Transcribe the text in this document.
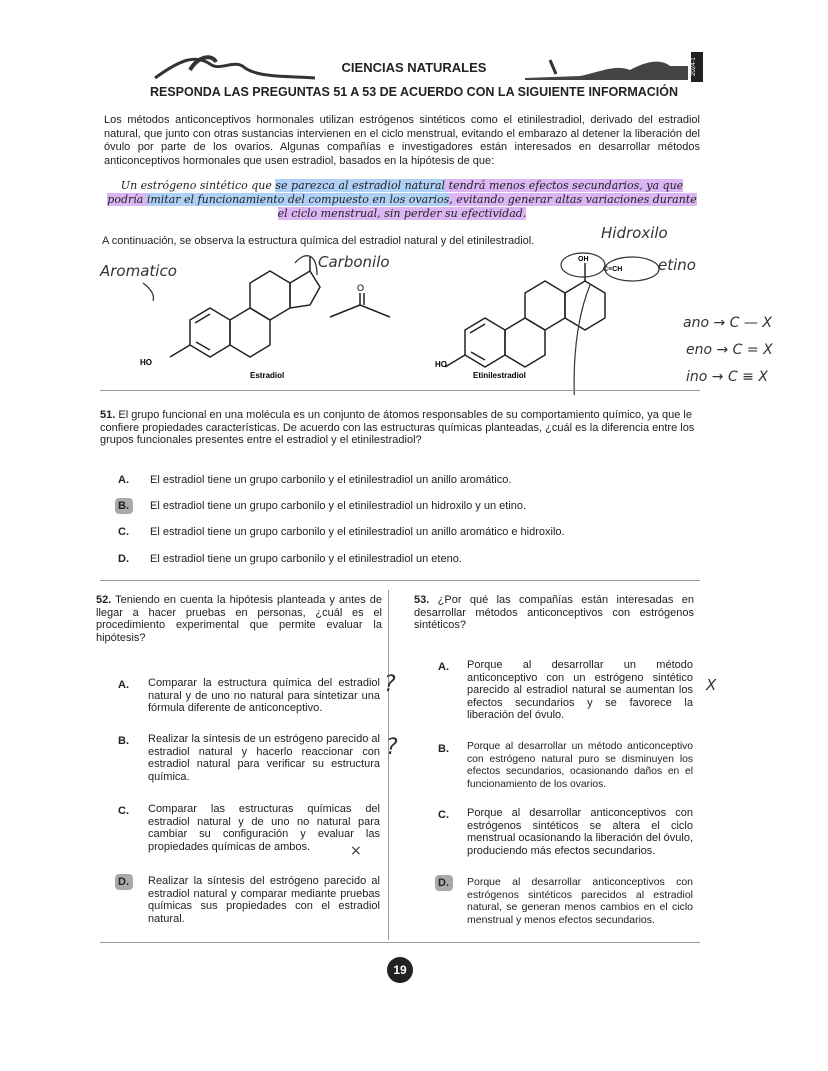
CIENCIAS NATURALES	2024-1
RESPONDA LAS PREGUNTAS 51 A 53 DE ACUERDO CON LA SIGUIENTE INFORMACIÓN
Los métodos anticonceptivos hormonales utilizan estrógenos sintéticos como el etinilestradiol, derivado del estradiol natural, que junto con otras sustancias intervienen en el ciclo menstrual, evitando el embarazo al detener la liberación del óvulo por parte de los ovarios. Algunas compañías e investigadores están interesados en desarrollar métodos anticonceptivos hormonales que usen estradiol, basados en la hipótesis de que:
Un estrógeno sintético que se parezca al estradiol natural tendrá menos efectos secundarios, ya que podría imitar el funcionamiento del compuesto en los ovarios, evitando generar altas variaciones durante el ciclo menstrual, sin perder su efectividad.
A continuación, se observa la estructura química del estradiol natural y del etinilestradiol.
O
HO
Estradiol
OH
C≡CH
HO
Etinilestradiol
Aromatico	Carbonilo
Hidroxilo
etino
ano → C — X
eno → C = X
ino → C ≡ X
51. El grupo funcional en una molécula es un conjunto de átomos responsables de su comportamiento químico, ya que le confiere propiedades características. De acuerdo con las estructuras químicas planteadas, ¿cuál es la diferencia entre los grupos funcionales presentes entre el estradiol y el etinilestradiol?
A. El estradiol tiene un grupo carbonilo y el etinilestradiol un anillo aromático.
B. El estradiol tiene un grupo carbonilo y el etinilestradiol un hidroxilo y un etino.
C. El estradiol tiene un grupo carbonilo y el etinilestradiol un anillo aromático e hidroxilo.
D. El estradiol tiene un grupo carbonilo y el etinilestradiol un eteno.
52. Teniendo en cuenta la hipótesis planteada y antes de llegar a hacer pruebas en personas, ¿cuál es el procedimiento experimental que permite evaluar la hipótesis?
A. Comparar la estructura química del estradiol natural y de uno no natural para sintetizar una fórmula diferente de anticonceptivo.
B. Realizar la síntesis de un estrógeno parecido al estradiol natural y hacerlo reaccionar con estradiol natural para verificar su estructura química.
C. Comparar las estructuras químicas del estradiol natural y de uno no natural para cambiar su configuración y evaluar las propiedades químicas de ambos.
D. Realizar la síntesis del estrógeno parecido al estradiol natural y comparar mediante pruebas químicas sus propiedades con el estradiol natural.
?
?
×
53. ¿Por qué las compañías están interesadas en desarrollar métodos anticonceptivos con estrógenos sintéticos?
A. Porque al desarrollar un método anticonceptivo con un estrógeno sintético parecido al estradiol natural se aumentan los efectos secundarios y se favorece la liberación del óvulo.
B. Porque al desarrollar un método anticonceptivo con estrógeno natural puro se disminuyen los efectos secundarios, ocasionando daños en el funcionamiento de los ovarios.
C. Porque al desarrollar anticonceptivos con estrógenos sintéticos se altera el ciclo menstrual ocasionando la liberación del óvulo, produciendo más efectos secundarios.
D. Porque al desarrollar anticonceptivos con estrógenos sintéticos parecidos al estradiol natural, se generan menos cambios en el ciclo menstrual y menos efectos secundarios.
X
19
